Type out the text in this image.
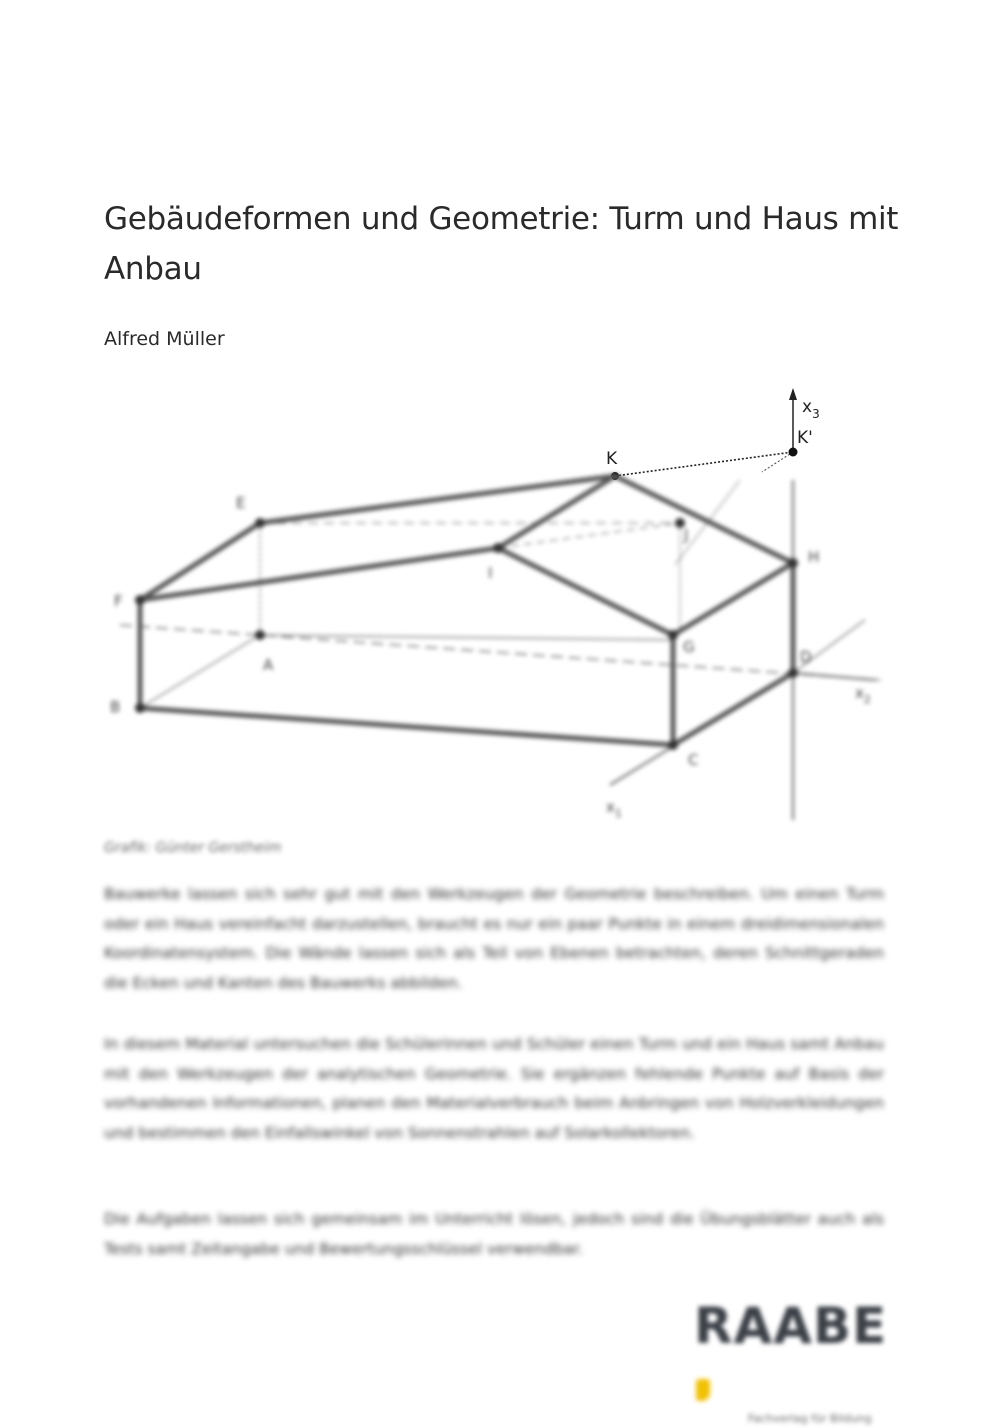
Gebäudeformen und Geometrie: Turm und Haus mit Anbau
Alfred Müller
$x_3$
K'
K
E
F
I
J
H
G
A
B
C
D
$x_2$
$x_1$
Grafik: Günter Gerstheim

Bauwerke lassen sich sehr gut mit den Werkzeugen der Geometrie beschreiben. Um einen Turm oder ein Haus vereinfacht darzustellen, braucht es nur ein paar Punkte in einem dreidimensionalen Koordinatensystem. Die Wände lassen sich als Teil von Ebenen betrachten, deren Schnittgeraden die Ecken und Kanten des Bauwerks abbilden.

In diesem Material untersuchen die Schülerinnen und Schüler einen Turm und ein Haus samt Anbau mit den Werkzeugen der analytischen Geometrie. Sie ergänzen fehlende Punkte auf Basis der vorhandenen Informationen, planen den Materialverbrauch beim Anbringen von Holzverkleidungen und bestimmen den Einfallswinkel von Sonnenstrahlen auf Solarkollektoren.

Die Aufgaben lassen sich gemeinsam im Unterricht lösen, jedoch sind die Übungsblätter auch als Tests samt Zeitangabe und Bewertungsschlüssel verwendbar.

RAABE
Fachverlag für Bildung
